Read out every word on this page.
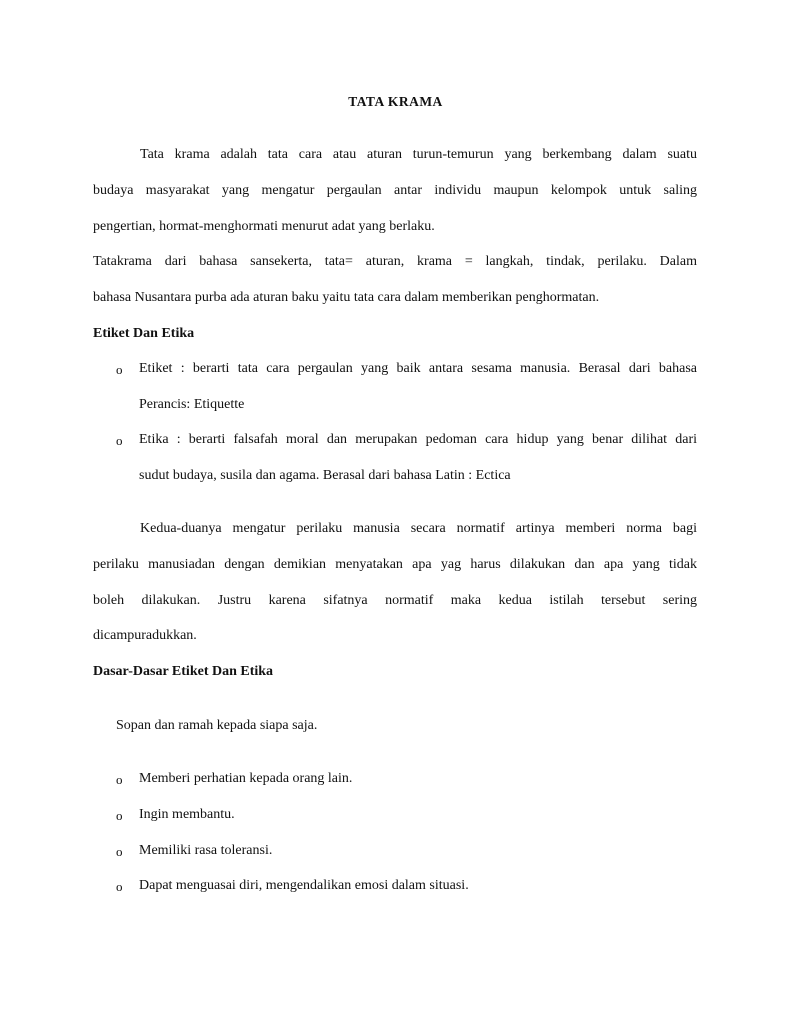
TATA KRAMA
Tata krama adalah tata cara atau aturan turun-temurun yang berkembang dalam suatu
budaya masyarakat yang mengatur pergaulan antar individu maupun kelompok untuk saling
pengertian, hormat-menghormati menurut adat yang berlaku.
Tatakrama dari bahasa sansekerta, tata= aturan, krama = langkah, tindak, perilaku. Dalam
bahasa Nusantara purba ada aturan baku yaitu tata cara dalam memberikan penghormatan.
Etiket Dan Etika
o Etiket : berarti tata cara pergaulan yang baik antara sesama manusia. Berasal dari bahasa
Perancis: Etiquette
o Etika : berarti falsafah moral dan merupakan pedoman cara hidup yang benar dilihat dari
sudut budaya, susila dan agama. Berasal dari bahasa Latin : Ectica
Kedua-duanya mengatur perilaku manusia secara normatif artinya memberi norma bagi
perilaku manusiadan dengan demikian menyatakan apa yag harus dilakukan dan apa yang tidak
boleh dilakukan. Justru karena sifatnya normatif maka kedua istilah tersebut sering
dicampuradukkan.
Dasar-Dasar Etiket Dan Etika
Sopan dan ramah kepada siapa saja.
o Memberi perhatian kepada orang lain.
o Ingin membantu.
o Memiliki rasa toleransi.
o Dapat menguasai diri, mengendalikan emosi dalam situasi.
